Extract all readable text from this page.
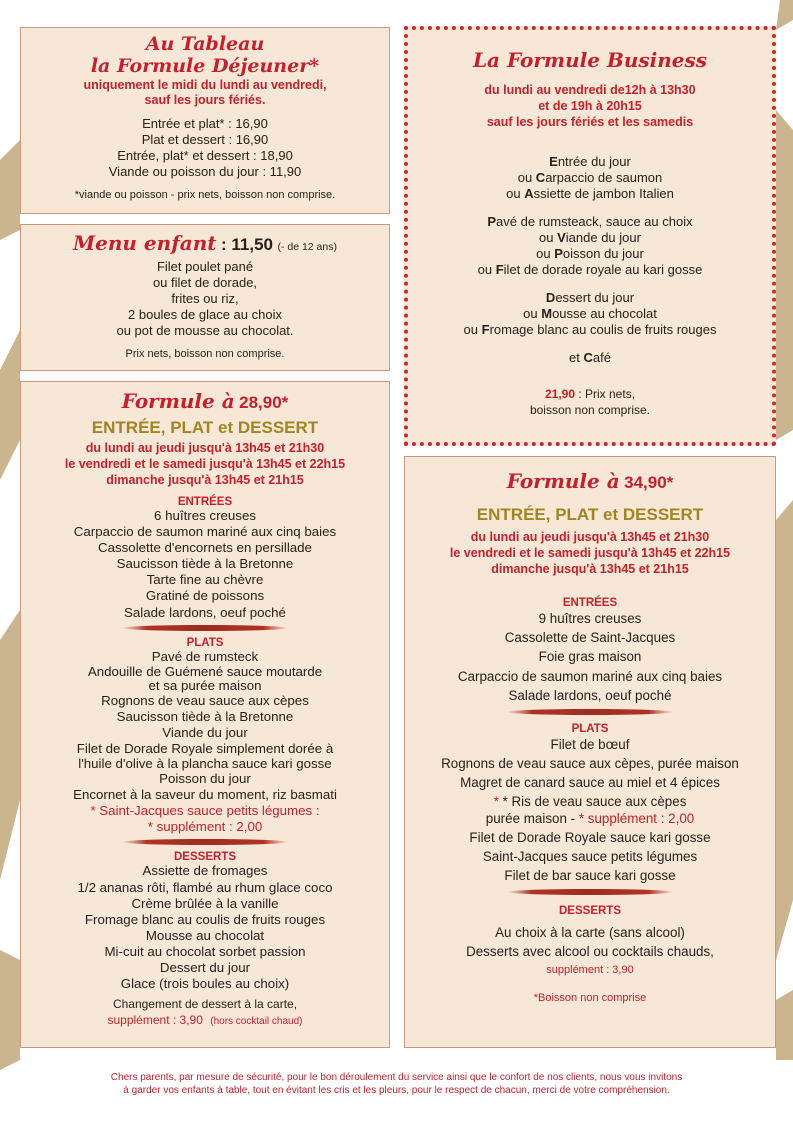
Au Tableau
la Formule Déjeuner*
uniquement le midi du lundi au vendredi,
sauf les jours fériés.
Entrée et plat* : 16,90
Plat et dessert : 16,90
Entrée, plat* et dessert : 18,90
Viande ou poisson du jour : 11,90
*viande ou poisson - prix nets, boisson non comprise.
Menu enfant : 11,50 (- de 12 ans)
Filet poulet pané
ou filet de dorade,
frites ou riz,
2 boules de glace au choix
ou pot de mousse au chocolat.
Prix nets, boisson non comprise.
La Formule Business
du lundi au vendredi de12h à 13h30
et de 19h à 20h15
sauf les jours fériés et les samedis
Entrée du jour
ou Carpaccio de saumon
ou Assiette de jambon Italien
Pavé de rumsteack, sauce au choix
ou Viande du jour
ou Poisson du jour
ou Filet de dorade royale au kari gosse
Dessert du jour
ou Mousse au chocolat
ou Fromage blanc au coulis de fruits rouges
et Café
21,90 : Prix nets,
boisson non comprise.
Formule à 28,90*
ENTRÉE, PLAT et DESSERT
du lundi au jeudi jusqu'à 13h45 et 21h30
le vendredi et le samedi jusqu'à 13h45 et 22h15
dimanche jusqu'à 13h45 et 21h15
ENTRÉES
6 huîtres creuses
Carpaccio de saumon mariné aux cinq baies
Cassolette d'encornets en persillade
Saucisson tiède à la Bretonne
Tarte fine au chèvre
Gratiné de poissons
Salade lardons, oeuf poché
PLATS
Pavé de rumsteck
Andouille de Guémené sauce moutarde
et sa purée maison
Rognons de veau sauce aux cèpes
Saucisson tiède à la Bretonne
Viande du jour
Filet de Dorade Royale simplement dorée à
l'huile d'olive à la plancha sauce kari gosse
Poisson du jour
Encornet à la saveur du moment, riz basmati
* Saint-Jacques sauce petits légumes :
* supplément : 2,00
DESSERTS
Assiette de fromages
1/2 ananas rôti, flambé au rhum glace coco
Crème brûlée à la vanille
Fromage blanc au coulis de fruits rouges
Mousse au chocolat
Mi-cuit au chocolat sorbet passion
Dessert du jour
Glace (trois boules au choix)
Changement de dessert à la carte,
supplément : 3,90 (hors cocktail chaud)
Formule à 34,90*
ENTRÉE, PLAT et DESSERT
du lundi au jeudi jusqu'à 13h45 et 21h30
le vendredi et le samedi jusqu'à 13h45 et 22h15
dimanche jusqu'à 13h45 et 21h15
ENTRÉES
9 huîtres creuses
Cassolette de Saint-Jacques
Foie gras maison
Carpaccio de saumon mariné aux cinq baies
Salade lardons, oeuf poché
PLATS
Filet de bœuf
Rognons de veau sauce aux cèpes, purée maison
Magret de canard sauce au miel et 4 épices
* * Ris de veau sauce aux cèpes
purée maison - * supplément : 2,00
Filet de Dorade Royale sauce kari gosse
Saint-Jacques sauce petits légumes
Filet de bar sauce kari gosse
DESSERTS
Au choix à la carte (sans alcool)
Desserts avec alcool ou cocktails chauds,
supplément : 3,90
*Boisson non comprise
Chers parents, par mesure de sécurité, pour le bon déroulement du service ainsi que le confort de nos clients, nous vous invitons
à garder vos enfants à table, tout en évitant les cris et les pleurs, pour le respect de chacun, merci de votre compréhension.
